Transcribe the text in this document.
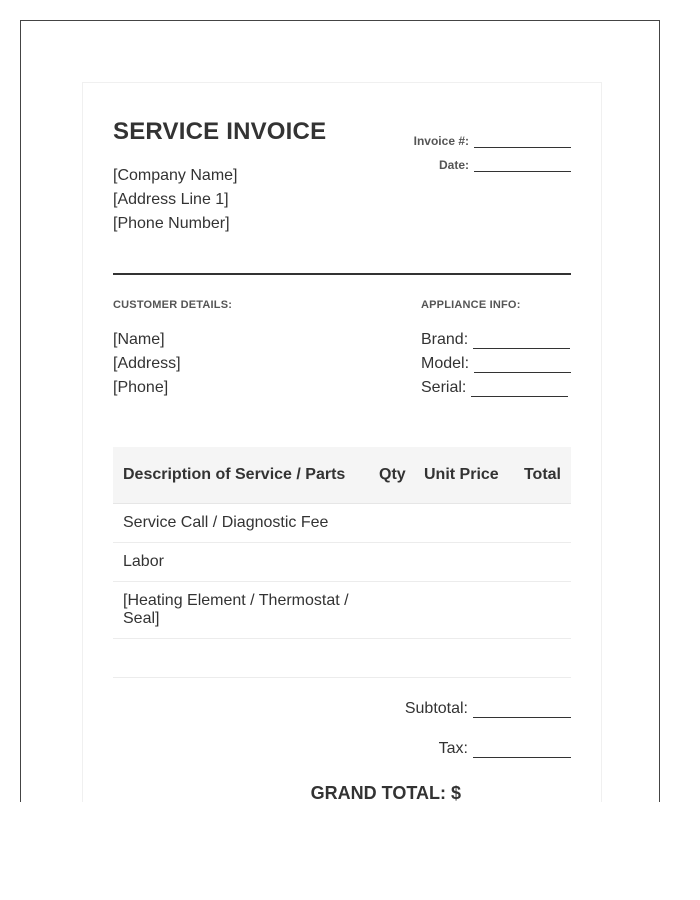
SERVICE INVOICE
[Company Name]
[Address Line 1]
[Phone Number]
Invoice #:
Date:
CUSTOMER DETAILS:	APPLIANCE INFO:
[Name]
[Address]
[Phone]
Brand:
Model:
Serial:
Description of Service / Parts	Qty	Unit Price	Total
Service Call / Diagnostic Fee			
Labor			
[Heating Element / Thermostat / Seal]			

Subtotal:
Tax:
GRAND TOTAL: $
